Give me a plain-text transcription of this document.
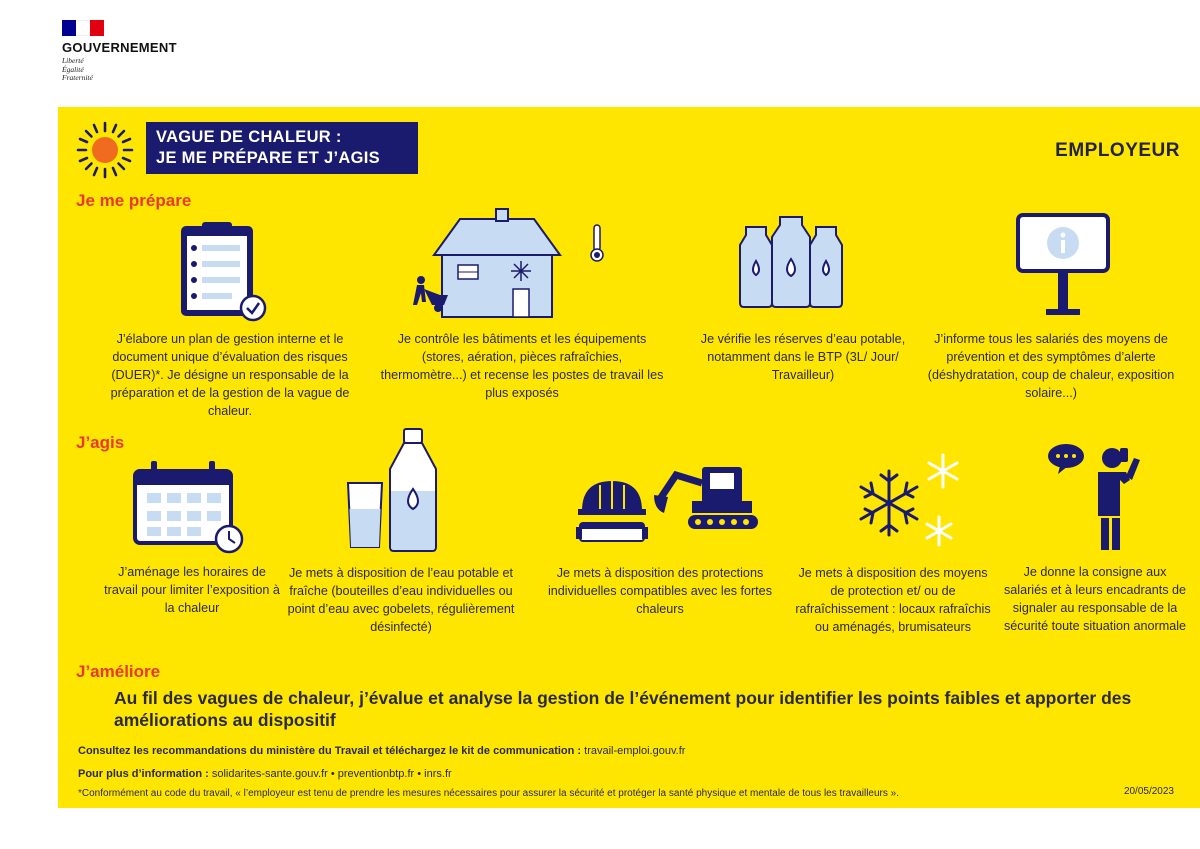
GOUVERNEMENT
Liberté
Égalité
Fraternité
VAGUE DE CHALEUR :
JE ME PRÉPARE ET J’AGIS	EMPLOYEUR
Je me prépare
J’élabore un plan de gestion interne et le document unique d’évaluation des risques (DUER)*. Je désigne un responsable de la préparation et de la gestion de la vague de chaleur.
Je contrôle les bâtiments et les équipements (stores, aération, pièces rafraîchies, thermomètre...) et recense les postes de travail les plus exposés
Je vérifie les réserves d’eau potable, notamment dans le BTP (3L/ Jour/ Travailleur)
J’informe tous les salariés des moyens de prévention et des symptômes d’alerte (déshydratation, coup de chaleur, exposition solaire...)
J’agis
J’aménage les horaires de travail pour limiter l’exposition à la chaleur
Je mets à disposition de l’eau potable et fraîche (bouteilles d’eau individuelles ou point d’eau avec gobelets, régulièrement désinfecté)
Je mets à disposition des protections individuelles compatibles avec les fortes chaleurs
Je mets à disposition des moyens de protection et/ ou de rafraîchissement : locaux rafraîchis ou aménagés, brumisateurs
Je donne la consigne aux salariés et à leurs encadrants de signaler au responsable de la sécurité toute situation anormale
J’améliore
Au fil des vagues de chaleur, j’évalue et analyse la gestion de l’événement pour identifier les points faibles et apporter des améliorations au dispositif
Consultez les recommandations du ministère du Travail et téléchargez le kit de communication : travail-emploi.gouv.fr
Pour plus d’information : solidarites-sante.gouv.fr • preventionbtp.fr • inrs.fr
*Conformément au code du travail, « l’employeur est tenu de prendre les mesures nécessaires pour assurer la sécurité et protéger la santé physique et mentale de tous les travailleurs ».	20/05/2023
